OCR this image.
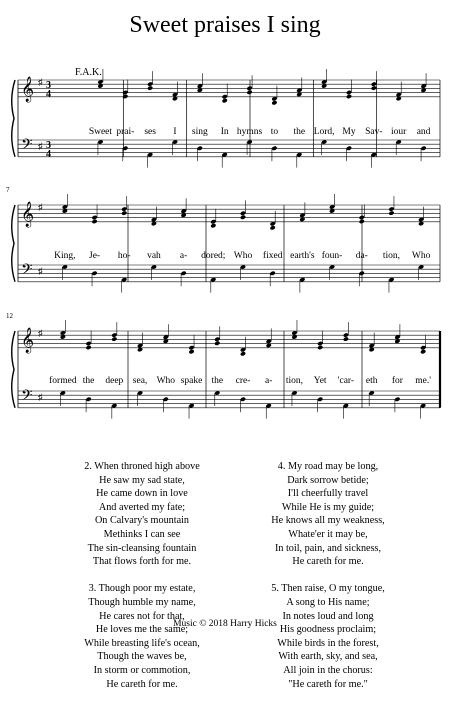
Sweet praises I sing
F.A.K.
7
12
𝄞
𝄢
♯
♯
3
4
3
4
𝄞
𝄢
♯
♯
𝄞
𝄢
♯
♯
Sweet prai- ses I sing In hymns to the Lord, My Sav- iour and
King, Je- ho- vah a- dored; Who fixed earth's foun- da- tion, Who
formed the deep sea, Who spake the cre- a- tion, Yet 'car- eth for me.'
2. When throned high above
He saw my sad state,
He came down in love
And averted my fate;
On Calvary's mountain
Methinks I can see
The sin-cleansing fountain
That flows forth for me.
3. Though poor my estate,
Though humble my name,
He cares not for that,
He loves me the same;
While breasting life's ocean,
Though the waves be,
In storm or commotion,
He careth for me.
4. My road may be long,
Dark sorrow betide;
I'll cheerfully travel
While He is my guide;
He knows all my weakness,
Whate'er it may be,
In toil, pain, and sickness,
He careth for me.
5. Then raise, O my tongue,
A song to His name;
In notes loud and long
His goodness proclaim;
While birds in the forest,
With earth, sky, and sea,
All join in the chorus:
"He careth for me."
Music © 2018 Harry Hicks
